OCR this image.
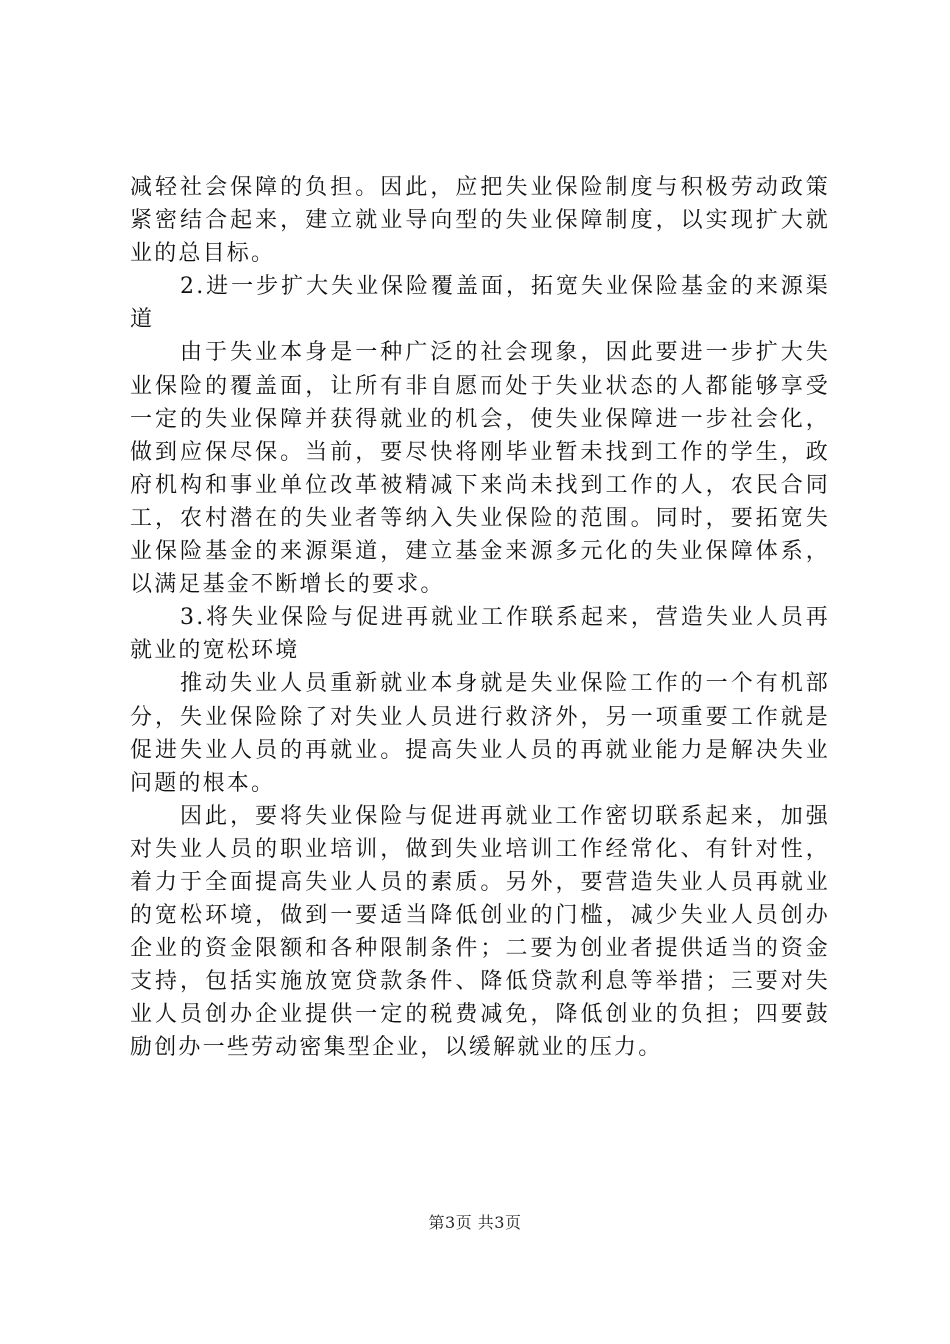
减轻社会保障的负担。因此，应把失业保险制度与积极劳动政策紧密结合起来，建立就业导向型的失业保障制度，以实现扩大就业的总目标。

2.进一步扩大失业保险覆盖面，拓宽失业保险基金的来源渠道

由于失业本身是一种广泛的社会现象，因此要进一步扩大失业保险的覆盖面，让所有非自愿而处于失业状态的人都能够享受一定的失业保障并获得就业的机会，使失业保障进一步社会化，做到应保尽保。当前，要尽快将刚毕业暂未找到工作的学生，政府机构和事业单位改革被精减下来尚未找到工作的人，农民合同工，农村潜在的失业者等纳入失业保险的范围。同时，要拓宽失业保险基金的来源渠道，建立基金来源多元化的失业保障体系，以满足基金不断增长的要求。

3.将失业保险与促进再就业工作联系起来，营造失业人员再就业的宽松环境

推动失业人员重新就业本身就是失业保险工作的一个有机部分，失业保险除了对失业人员进行救济外，另一项重要工作就是促进失业人员的再就业。提高失业人员的再就业能力是解决失业问题的根本。

因此，要将失业保险与促进再就业工作密切联系起来，加强对失业人员的职业培训，做到失业培训工作经常化、有针对性，着力于全面提高失业人员的素质。另外，要营造失业人员再就业的宽松环境，做到一要适当降低创业的门槛，减少失业人员创办企业的资金限额和各种限制条件；二要为创业者提供适当的资金支持，包括实施放宽贷款条件、降低贷款利息等举措；三要对失业人员创办企业提供一定的税费减免，降低创业的负担；四要鼓励创办一些劳动密集型企业，以缓解就业的压力。

第3页 共3页
